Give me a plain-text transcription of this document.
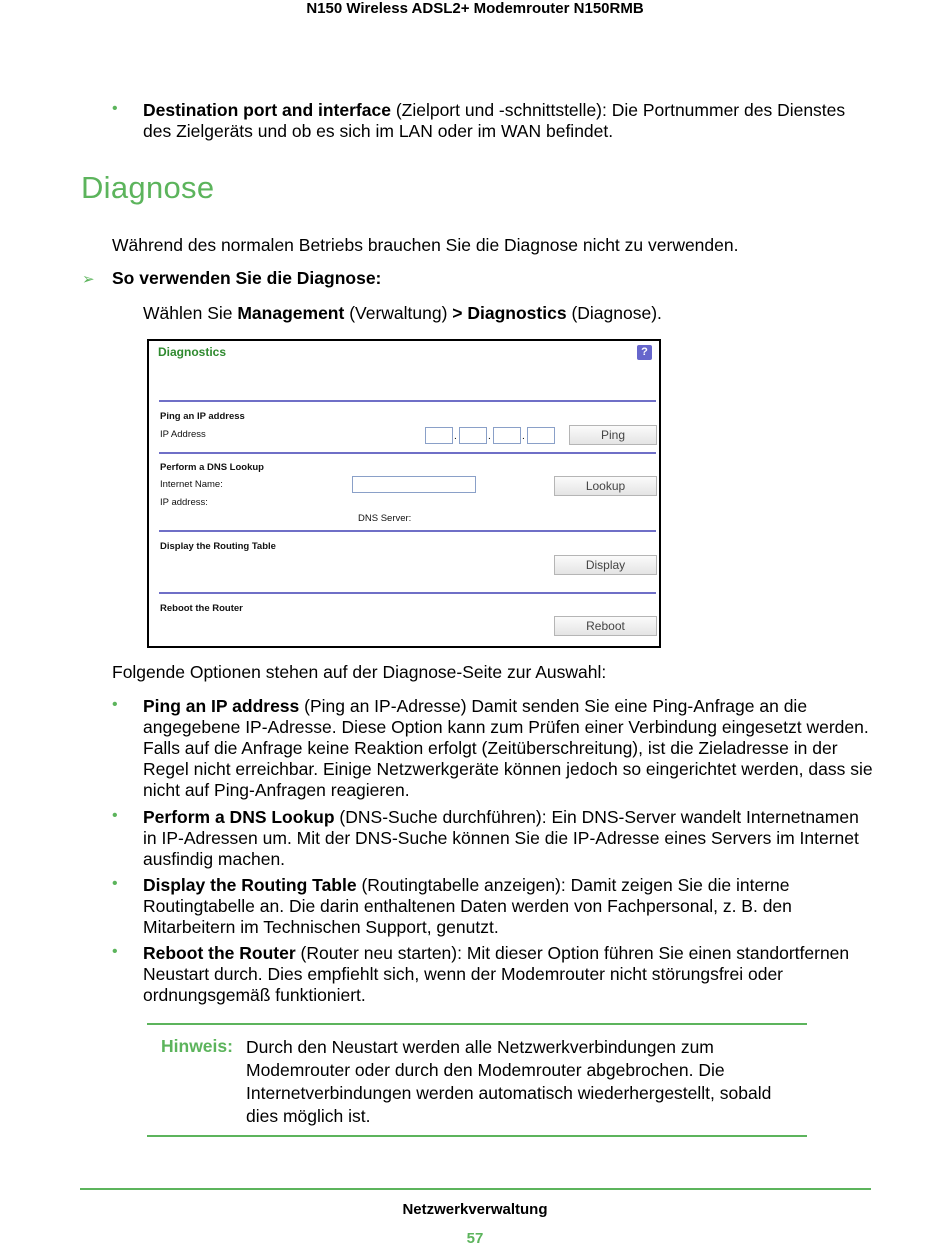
N150 Wireless ADSL2+ Modemrouter N150RMB
• Destination port and interface (Zielport und -schnittstelle): Die Portnummer des Dienstes des Zielgeräts und ob es sich im LAN oder im WAN befindet.
Diagnose
Während des normalen Betriebs brauchen Sie die Diagnose nicht zu verwenden.
➢ So verwenden Sie die Diagnose:
Wählen Sie Management (Verwaltung) > Diagnostics (Diagnose).
Diagnostics	?
Ping an IP address
IP Address	.	.	.	Ping
Perform a DNS Lookup
Internet Name:	Lookup
IP address:
DNS Server:
Display the Routing Table
Display
Reboot the Router
Reboot
Folgende Optionen stehen auf der Diagnose-Seite zur Auswahl:
• Ping an IP address (Ping an IP-Adresse) Damit senden Sie eine Ping-Anfrage an die angegebene IP-Adresse. Diese Option kann zum Prüfen einer Verbindung eingesetzt werden. Falls auf die Anfrage keine Reaktion erfolgt (Zeitüberschreitung), ist die Zieladresse in der Regel nicht erreichbar. Einige Netzwerkgeräte können jedoch so eingerichtet werden, dass sie nicht auf Ping-Anfragen reagieren.
• Perform a DNS Lookup (DNS-Suche durchführen): Ein DNS-Server wandelt Internetnamen in IP-Adressen um. Mit der DNS-Suche können Sie die IP-Adresse eines Servers im Internet ausfindig machen.
• Display the Routing Table (Routingtabelle anzeigen): Damit zeigen Sie die interne Routingtabelle an. Die darin enthaltenen Daten werden von Fachpersonal, z. B. den Mitarbeitern im Technischen Support, genutzt.
• Reboot the Router (Router neu starten): Mit dieser Option führen Sie einen standortfernen Neustart durch. Dies empfiehlt sich, wenn der Modemrouter nicht störungsfrei oder ordnungsgemäß funktioniert.
Hinweis: Durch den Neustart werden alle Netzwerkverbindungen zum Modemrouter oder durch den Modemrouter abgebrochen. Die Internetverbindungen werden automatisch wiederhergestellt, sobald dies möglich ist.
Netzwerkverwaltung
57
